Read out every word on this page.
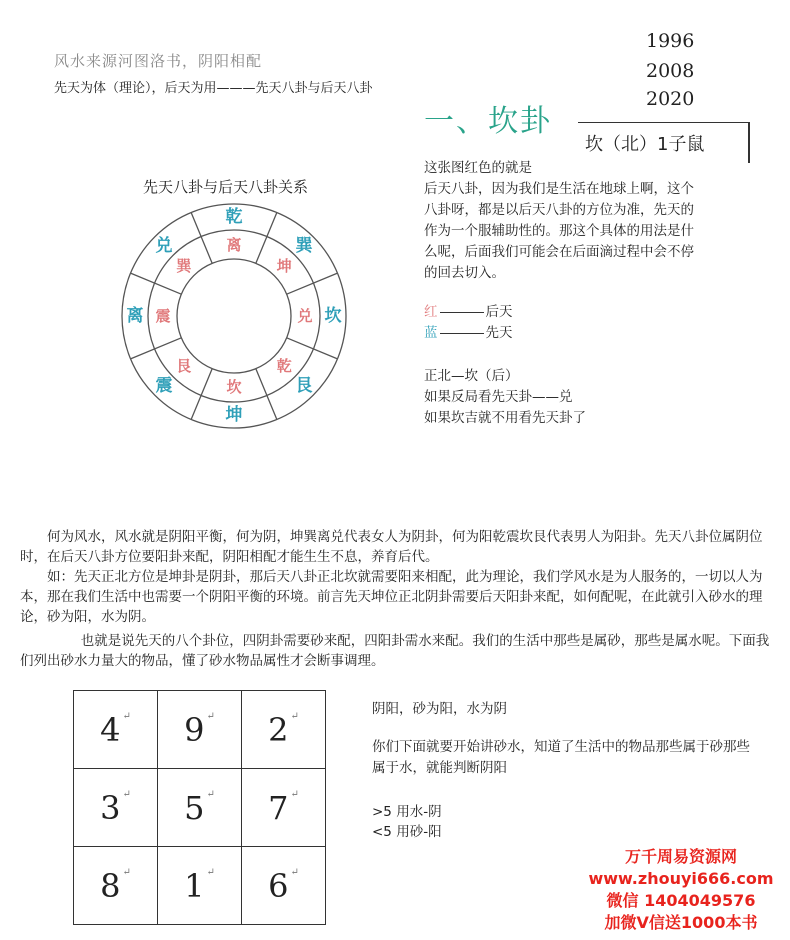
风水来源河图洛书，阴阳相配
先天为体（理论），后天为用———先天八卦与后天八卦
1996
2008
2020
一、坎卦
坎（北）1子鼠
先天八卦与后天八卦关系
乾
巽
坎
艮
坤
震
离
兑	离
坤
兑
乾
坎
艮
震
巽
这张图红色的就是
后天八卦，因为我们是生活在地球上啊，这个
八卦呀，都是以后天八卦的方位为准，先天的
作为一个服辅助性的。那这个具体的用法是什
么呢，后面我们可能会在后面滴过程中会不停
的回去切入。
红	后天
蓝	先天
正北—坎（后）
如果反局看先天卦——兑
如果坎吉就不用看先天卦了
何为风水，风水就是阴阳平衡，何为阴，坤巽离兑代表女人为阴卦，何为阳乾震坎艮代表男人为阳卦。先天八卦位属阴位时，在后天八卦方位要阳卦来配，阴阳相配才能生生不息，养育后代。
如：先天正北方位是坤卦是阴卦，那后天八卦正北坎就需要阳来相配，此为理论，我们学风水是为人服务的，一切以人为本，那在我们生活中也需要一个阴阳平衡的环境。前言先天坤位正北阴卦需要后天阳卦来配，如何配呢，在此就引入砂水的理论，砂为阳，水为阴。
也就是说先天的八个卦位，四阴卦需要砂来配，四阳卦需水来配。我们的生活中那些是属砂，那些是属水呢。下面我们列出砂水力量大的物品，懂了砂水物品属性才会断事调理。
4 ↵	9 ↵	2 ↵
3 ↵	5 ↵	7 ↵
8 ↵	1 ↵	6 ↵
阴阳，砂为阳，水为阴
你们下面就要开始讲砂水，知道了生活中的物品那些属于砂那些属于水，就能判断阴阳
>5 用水-阴
<5 用砂-阳
万千周易资源网
www.zhouyi666.com
微信 1404049576
加微V信送1000本书
